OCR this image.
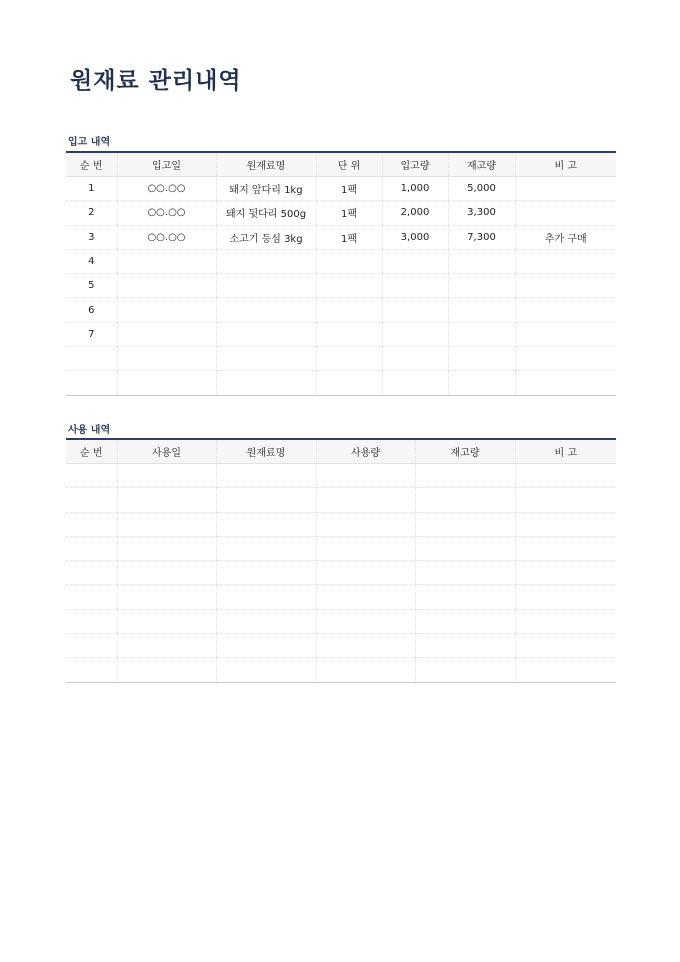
원재료 관리내역
입고 내역
순 번	입고일	원재료명	단 위	입고량	재고량	비 고
1	○○.○○	돼지 앞다리 1kg	1팩	1,000	5,000	
2	○○.○○	돼지 뒷다리 500g	1팩	2,000	3,300	
3	○○.○○	소고기 등심 3kg	1팩	3,000	7,300	추가 구매
4						
5						
6						
7						

사용 내역
순 번	사용일	원재료명	사용량	재고량	비 고
